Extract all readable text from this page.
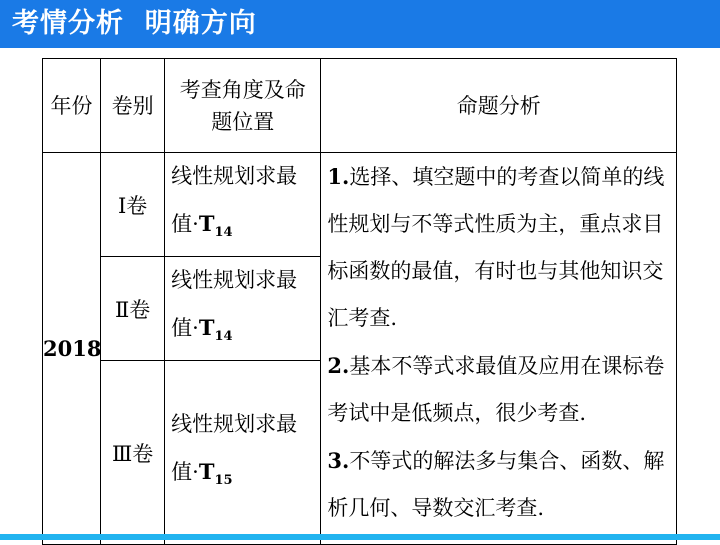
考情分析  明确方向
年份	卷别	考查角度及命题位置	命题分析
2018	Ⅰ卷	线性规划求最值$\cdot T_{14}$	1.选择、填空题中的考查以简单的线性规划与不等式性质为主，重点求目标函数的最值，有时也与其他知识交汇考查.
2.基本不等式求最值及应用在课标卷考试中是低频点，很少考查.
3.不等式的解法多与集合、函数、解析几何、导数交汇考查.

	Ⅱ卷	线性规划求最值$\cdot T_{14}$
	Ⅲ卷	线性规划求最值$\cdot T_{15}$
